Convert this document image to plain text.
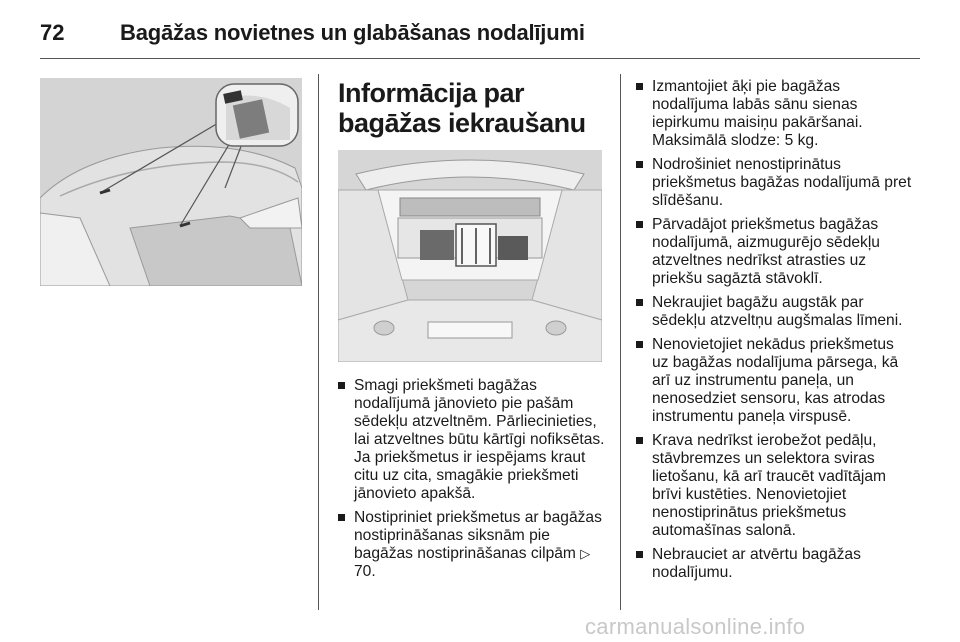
72	Bagāžas novietnes un glabāšanas nodalījumi
Informācija par bagāžas iekraušanu
Smagi priekšmeti bagāžas nodalījumā jānovieto pie pašām sēdekļu atzveltnēm. Pārliecinieties, lai atzveltnes būtu kārtīgi nofiksētas. Ja priekšmetus ir iespējams kraut citu uz cita, smagākie priekšmeti jānovieto apakšā.
Nostipriniet priekšmetus ar bagāžas nostiprināšanas siksnām pie bagāžas nostiprināšanas cilpām ▷70.
Izmantojiet āķi pie bagāžas nodalījuma labās sānu sienas iepirkumu maisiņu pakāršanai. Maksimālā slodze: 5 kg.
Nodrošiniet nenostiprinātus priekšmetus bagāžas nodalījumā pret slīdēšanu.
Pārvadājot priekšmetus bagāžas nodalījumā, aizmugurējo sēdekļu atzveltnes nedrīkst atrasties uz priekšu sagāztā stāvoklī.
Nekraujiet bagāžu augstāk par sēdekļu atzveltņu augšmalas līmeni.
Nenovietojiet nekādus priekšmetus uz bagāžas nodalījuma pārsega, kā arī uz instrumentu paneļa, un nenosedziet sensoru, kas atrodas instrumentu paneļa virspusē.
Krava nedrīkst ierobežot pedāļu, stāvbremzes un selektora sviras lietošanu, kā arī traucēt vadītājam brīvi kustēties. Nenovietojiet nenostiprinātus priekšmetus automašīnas salonā.
Nebrauciet ar atvērtu bagāžas nodalījumu.
carmanualsonline.info
